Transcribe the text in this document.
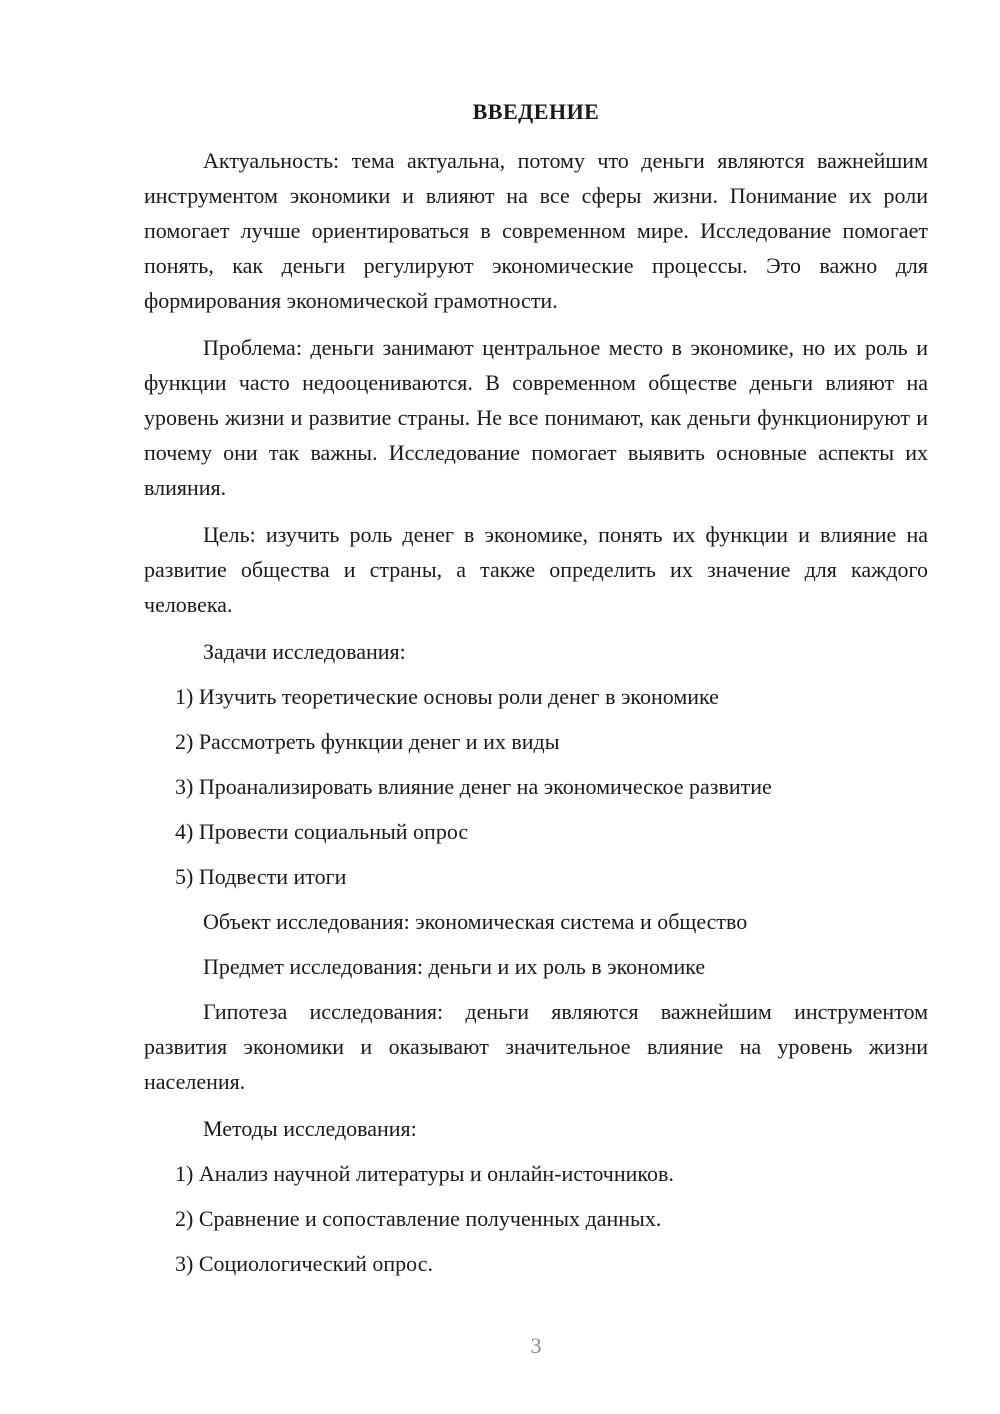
ВВЕДЕНИЕ

Актуальность: тема актуальна, потому что деньги являются важнейшим инструментом экономики и влияют на все сферы жизни. Понимание их роли помогает лучше ориентироваться в современном мире. Исследование помогает понять, как деньги регулируют экономические процессы. Это важно для формирования экономической грамотности.

Проблема: деньги занимают центральное место в экономике, но их роль и функции часто недооцениваются. В современном обществе деньги влияют на уровень жизни и развитие страны. Не все понимают, как деньги функционируют и почему они так важны. Исследование помогает выявить основные аспекты их влияния.

Цель: изучить роль денег в экономике, понять их функции и влияние на развитие общества и страны, а также определить их значение для каждого человека.

Задачи исследования:
1) Изучить теоретические основы роли денег в экономике
2) Рассмотреть функции денег и их виды
3) Проанализировать влияние денег на экономическое развитие
4) Провести социальный опрос
5) Подвести итоги
Объект исследования: экономическая система и общество
Предмет исследования: деньги и их роль в экономике

Гипотеза исследования: деньги являются важнейшим инструментом развития экономики и оказывают значительное влияние на уровень жизни населения.

Методы исследования:
1) Анализ научной литературы и онлайн-источников.
2) Сравнение и сопоставление полученных данных.
3) Социологический опрос.
3
